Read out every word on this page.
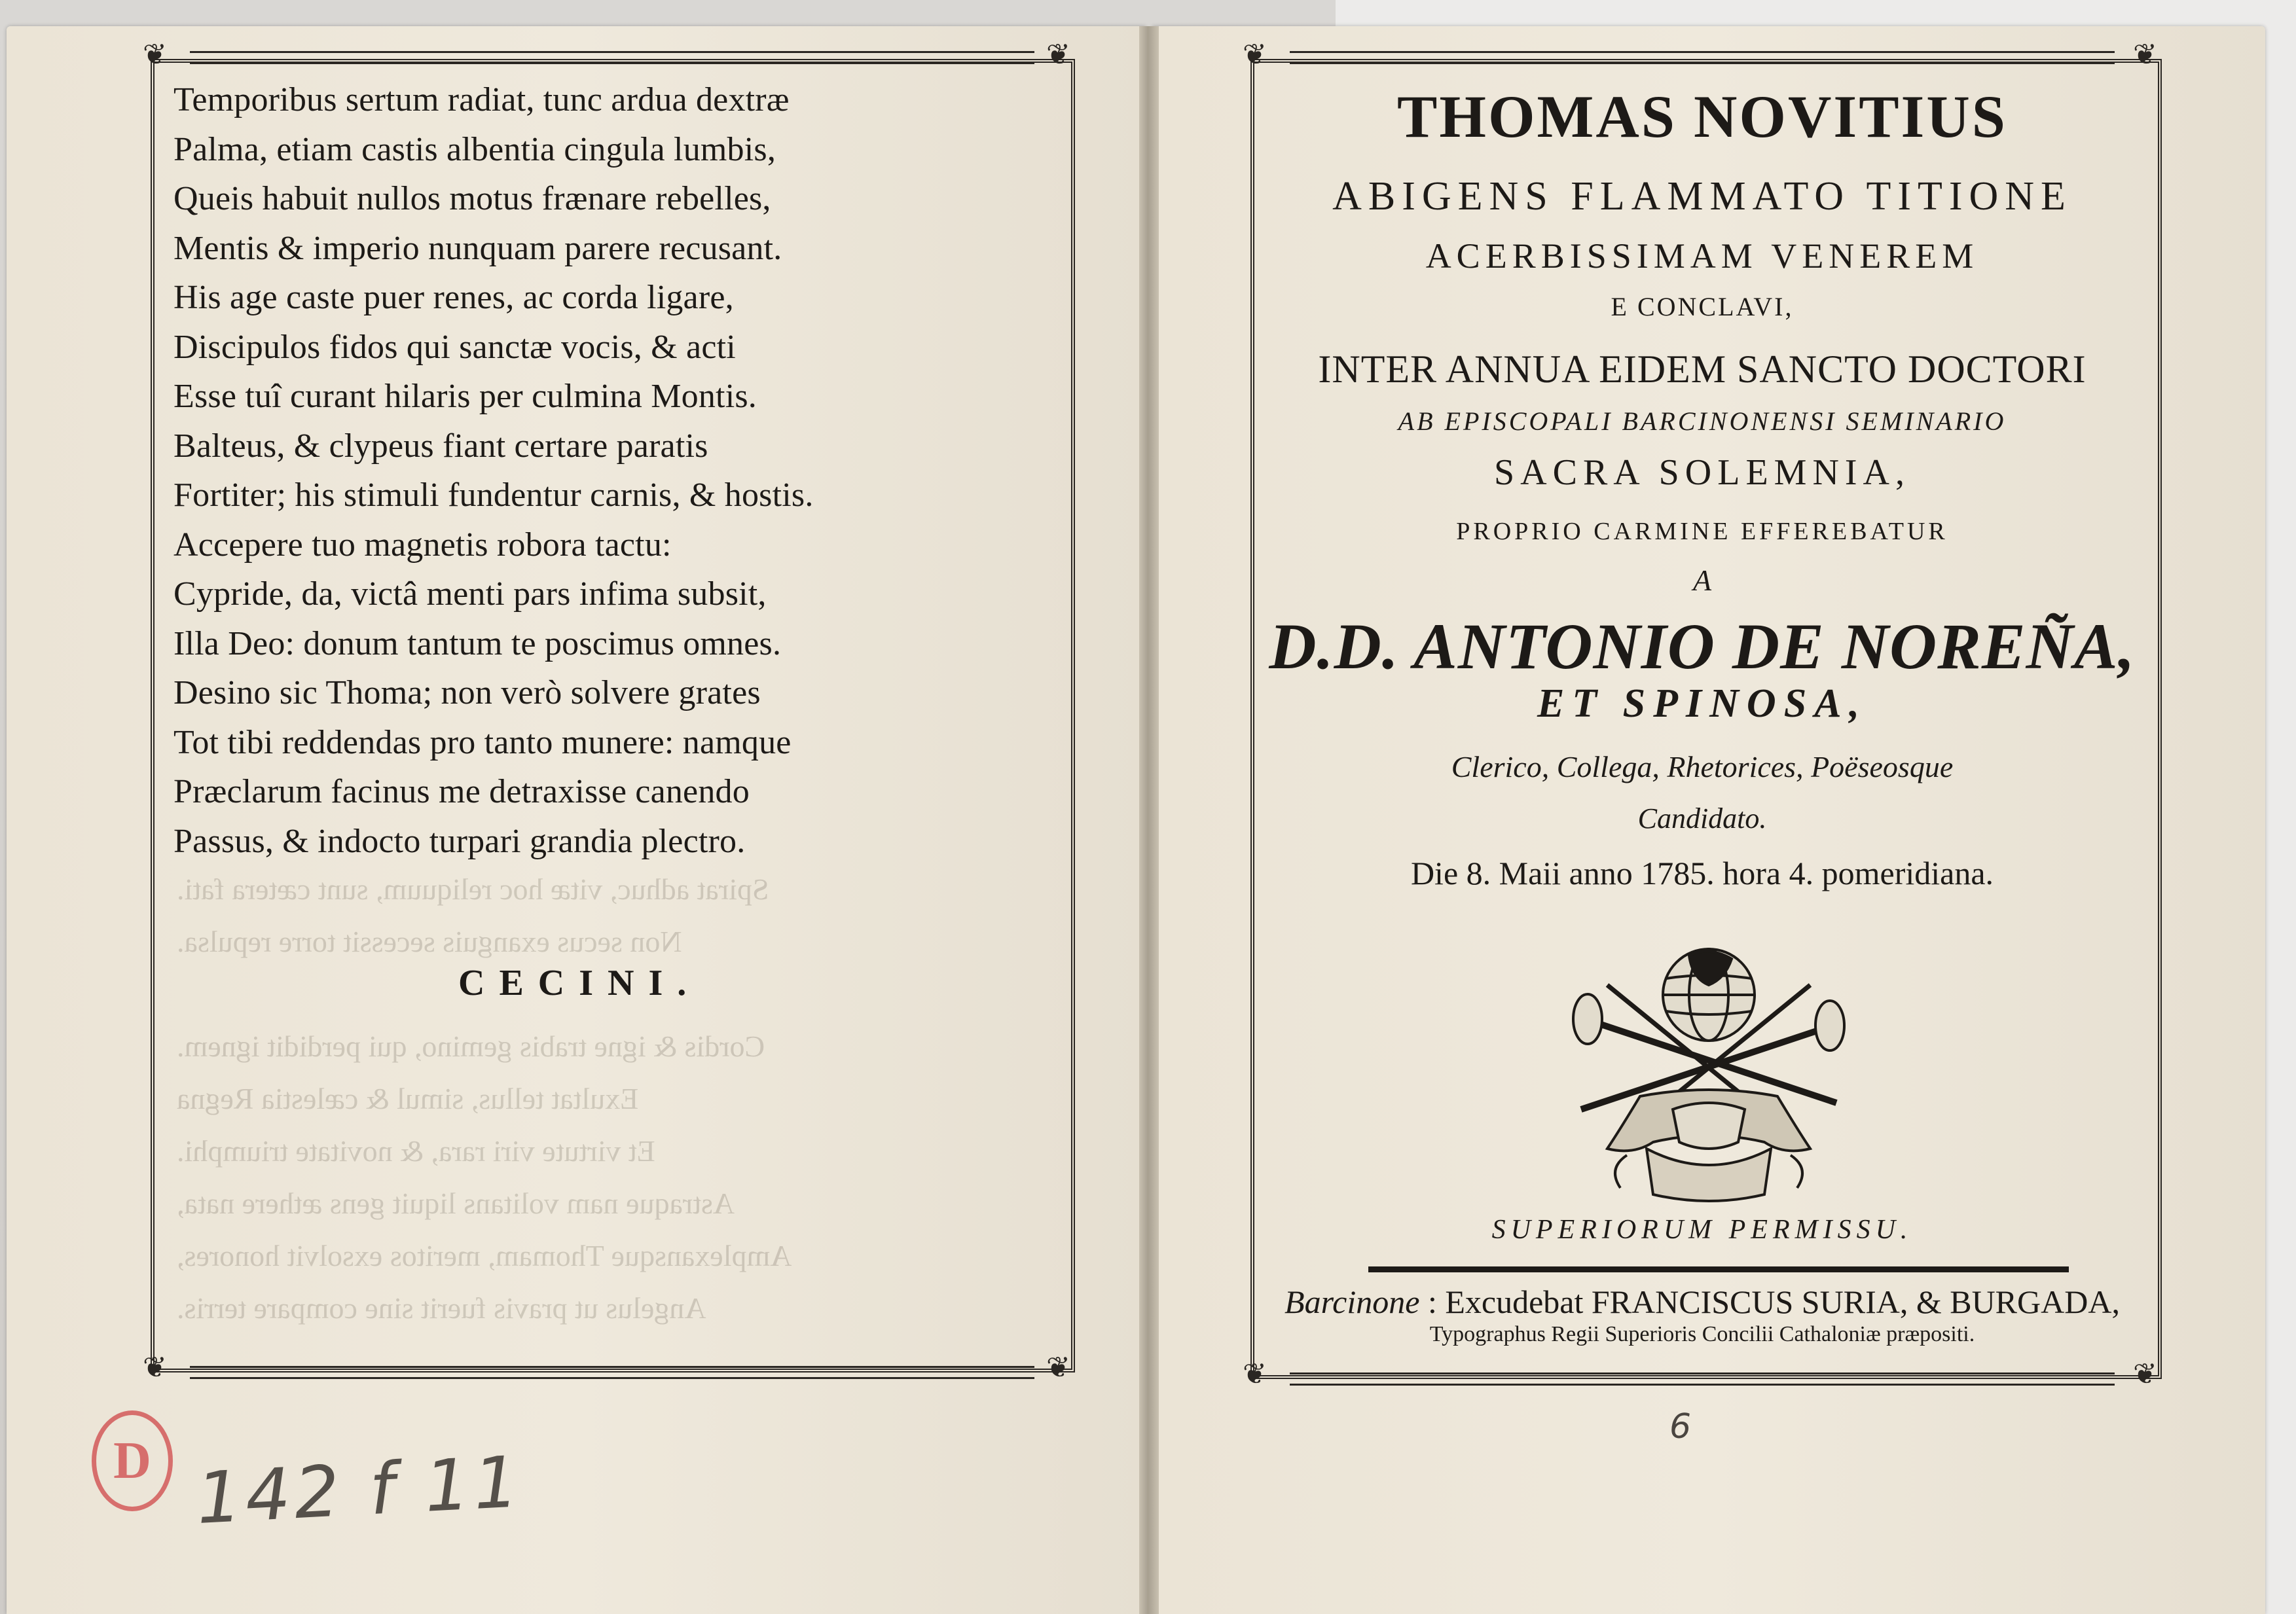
Spirat adhuc, vitæ hoc reliquum, sunt cætera fati.
Non secus exanguis secessit torre repulsa.
Cordis & igne trabis gemino, qui perdidit ignem.
Exultat tellus, simul & cælestia Regna
Et virtute viri rara, & novitate triumphi.
Astraque nam volitans liquit gens æthere nata,
Amplexansque Thomam, meritos exsolvit honores,
Angelus ut pravis fuerit sine compare terris.
❦	❦
❦	❦
❦	❦
❦	❦
Temporibus sertum radiat, tunc ardua dextræ
Palma, etiam castis albentia cingula lumbis,
Queis habuit nullos motus frænare rebelles,
Mentis & imperio nunquam parere recusant.
His age caste puer renes, ac corda ligare,
Discipulos fidos qui sanctæ vocis, & acti
Esse tuî curant hilaris per culmina Montis.
Balteus, & clypeus fiant certare paratis
Fortiter; his stimuli fundentur carnis, & hostis.
Accepere tuo magnetis robora tactu:
Cypride, da, victâ menti pars infima subsit,
Illa Deo: donum tantum te poscimus omnes.
Desino sic Thoma; non verò solvere grates
Tot tibi reddendas pro tanto munere: namque
Præclarum facinus me detraxisse canendo
Passus, & indocto turpari grandia plectro.
CECINI.
THOMAS NOVITIUS
ABIGENS FLAMMATO TITIONE
ACERBISSIMAM VENEREM
E CONCLAVI,
INTER ANNUA EIDEM SANCTO DOCTORI
AB EPISCOPALI BARCINONENSI SEMINARIO
SACRA SOLEMNIA,
PROPRIO CARMINE EFFEREBATUR
A
D.D. ANTONIO DE NOREÑA,
ET SPINOSA,
Clerico, Collega, Rhetorices, Poëseosque
Candidato.
Die 8. Maii anno 1785. hora 4. pomeridiana.
SUPERIORUM PERMISSU.
Barcinone : Excudebat FRANCISCUS SURIA, & BURGADA,
Typographus Regii Superioris Concilii Cathaloniæ præpositi.
6
D 142 f 11
